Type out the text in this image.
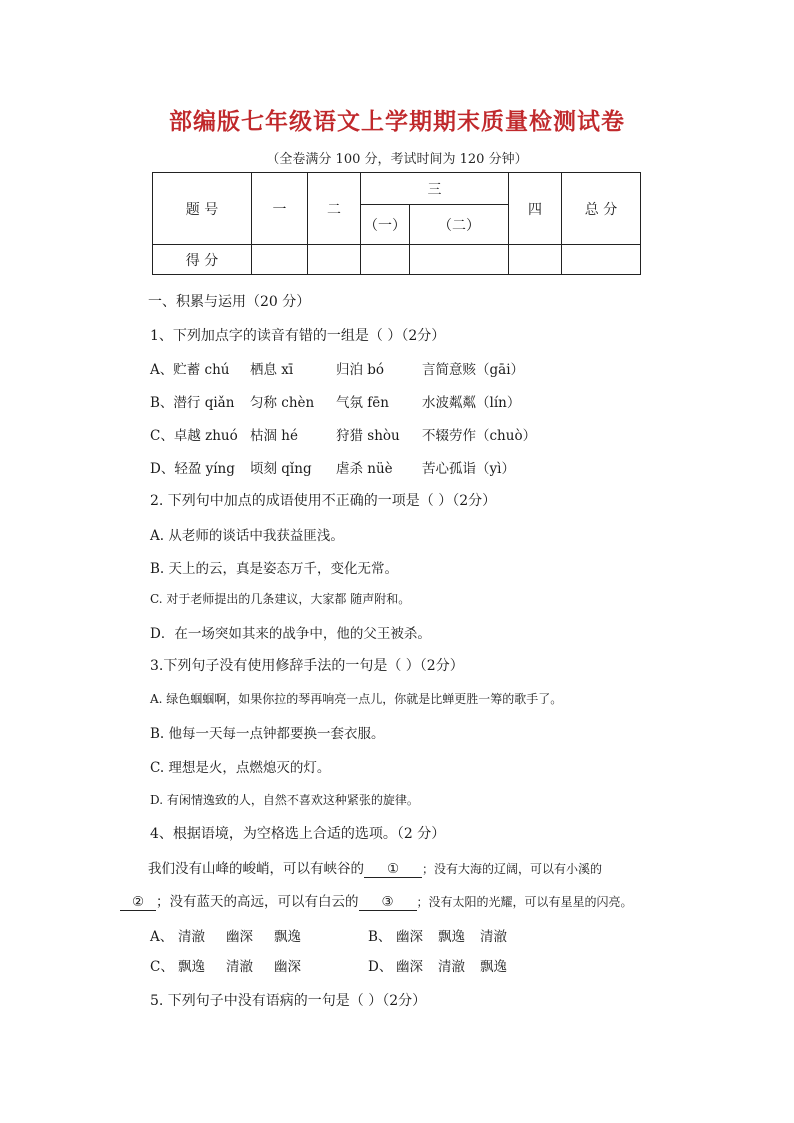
部编版七年级语文上学期期末质量检测试卷
（全卷满分 100 分，考试时间为 120 分钟）
题 号	一	二	三		四	总 分
			（一）	（二）		
得 分						
一、积累与运用（20 分）
1、下列加点字的读音有错的一组是（ ）（2分）
A、贮蓄 chú 栖息 xī	归泊 bó	言简意赅（gāi）
B、潜行 qiǎn 匀称 chèn 气氛 fēn 水波粼粼（lín）
C、卓越 zhuó 枯涸 hé	狩猎 shòu 不辍劳作（chuò）
D、轻盈 yíng 顷刻 qǐng 虐杀 nüè 苦心孤诣（yì）
2. 下列句中加点的成语使用不正确的一项是（ ）（2分）
A. 从老师的谈话中我获益匪浅。
B. 天上的云，真是姿态万千，变化无常。
C. 对于老师提出的几条建议，大家都 随声附和。
D．在一场突如其来的战争中，他的父王被杀。
3.下列句子没有使用修辞手法的一句是（ ）（2分）
A. 绿色蝈蝈啊，如果你拉的琴再响亮一点儿，你就是比蝉更胜一筹的歌手了。
B. 他每一天每一点钟都要换一套衣服。
C. 理想是火，点燃熄灭的灯。
D. 有闲情逸致的人，自然不喜欢这种紧张的旋律。
4、根据语境，为空格选上合适的选项。（2 分）
我们没有山峰的峻峭，可以有峡谷的 ① ；没有大海的辽阔，可以有小溪的
② ；没有蓝天的高远，可以有白云的 ③ ；没有太阳的光耀，可以有星星的闪亮。
A、 清澈 幽深 飘逸	B、 幽深 飘逸 清澈
C、 飘逸 清澈 幽深	D、 幽深 清澈 飘逸
5. 下列句子中没有语病的一句是（ ）（2分）
